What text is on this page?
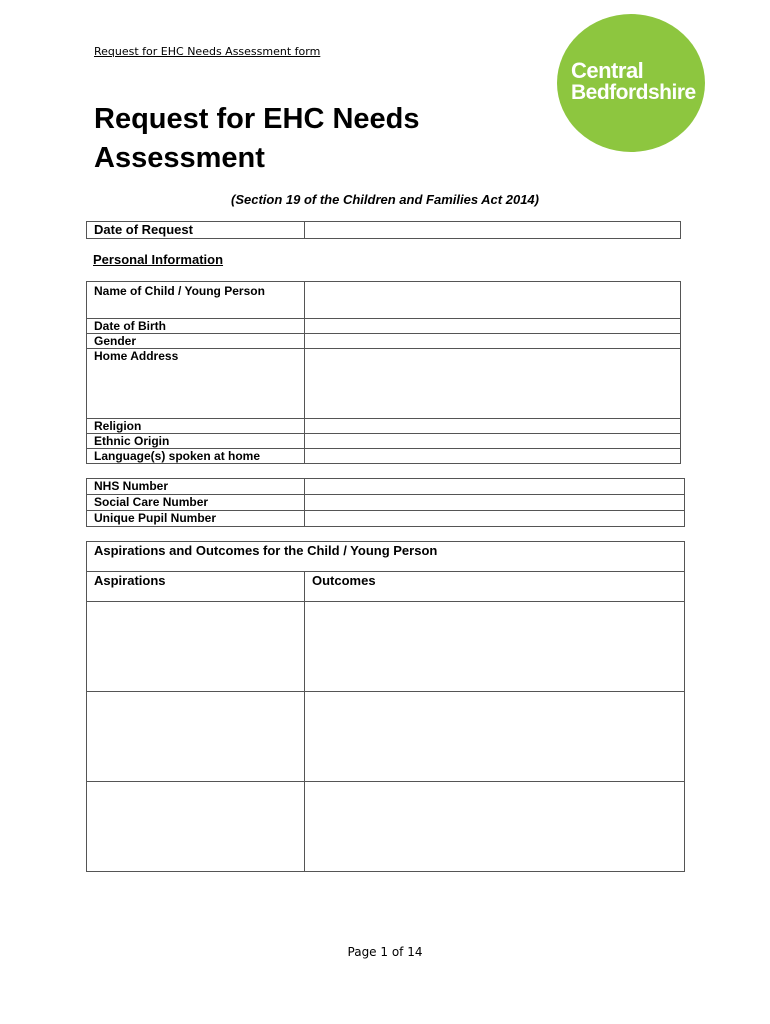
Request for EHC Needs Assessment form
Central
Bedfordshire
Request for EHC Needs Assessment
(Section 19 of the Children and Families Act 2014)
Date of Request	
Personal Information
Name of Child / Young Person	
Date of Birth	
Gender	
Home Address	
Religion	
Ethnic Origin	
Language(s) spoken at home	
NHS Number	
Social Care Number	
Unique Pupil Number	
Aspirations and Outcomes for the Child / Young Person	
Aspirations	Outcomes

Page 1 of 14
